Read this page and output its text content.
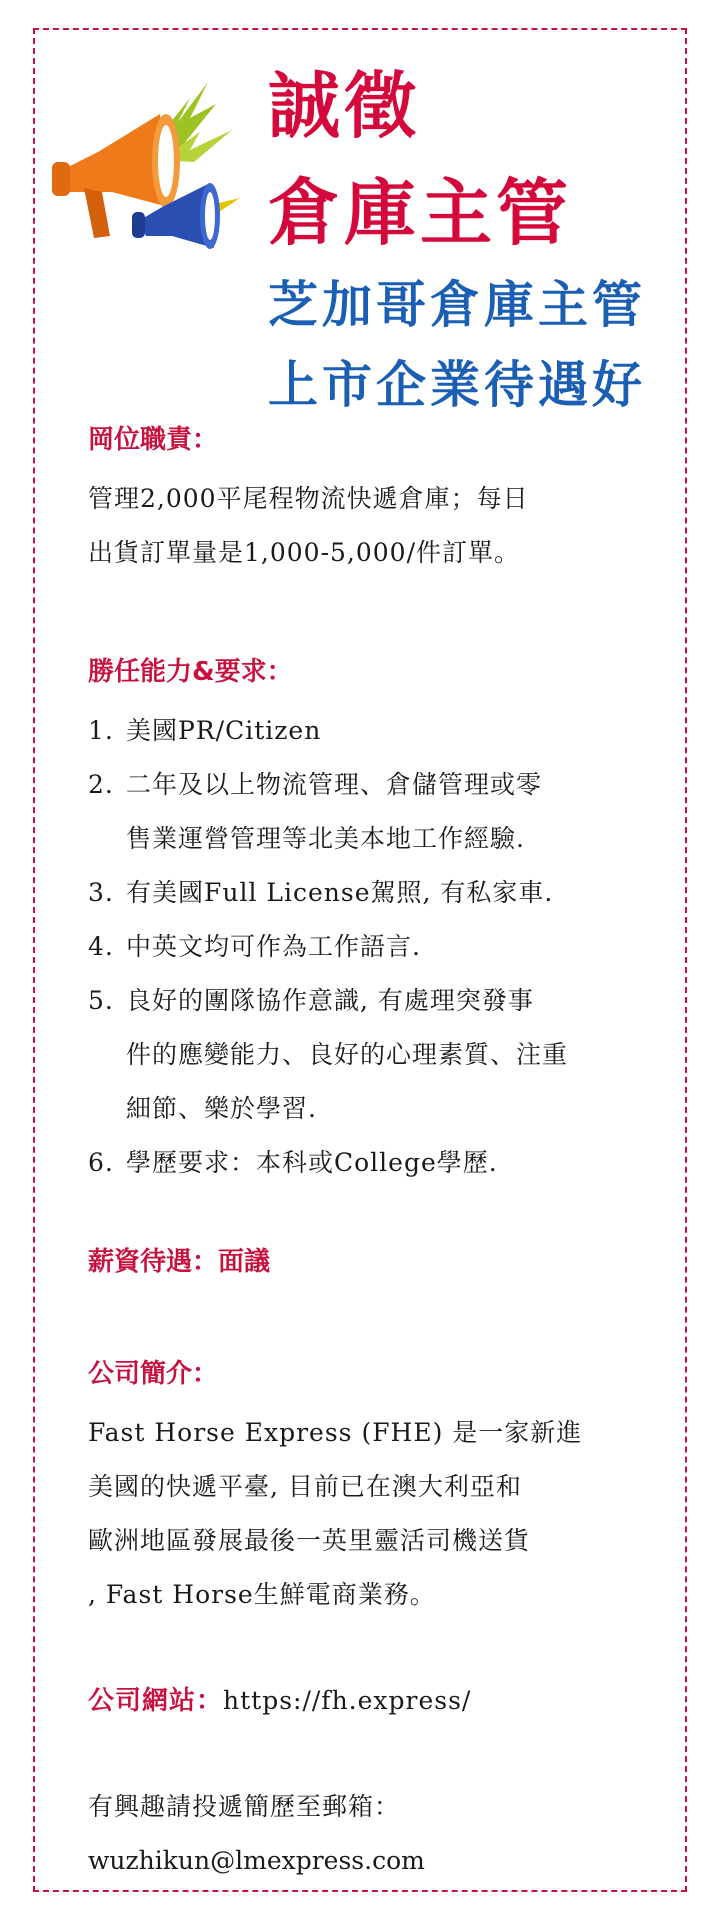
誠徵
倉庫主管
芝加哥倉庫主管
上市企業待遇好

岡位職責：

管理2,000平尾程物流快遞倉庫；每日

出貨訂單量是1,000-5,000/件訂單。

勝任能力&要求：

1. 美國PR/Citizen
2. 二年及以上物流管理、倉儲管理或零
售業運營管理等北美本地工作經驗.
3. 有美國Full License駕照, 有私家車.
4. 中英文均可作為工作語言.
5. 良好的團隊協作意識, 有處理突發事
件的應變能力、良好的心理素質、注重
細節、樂於學習.
6. 學歷要求：本科或College學歷.

薪資待遇：面議

公司簡介：

Fast Horse Express (FHE) 是一家新進

美國的快遞平臺, 目前已在澳大利亞和

歐洲地區發展最後一英里靈活司機送貨

, Fast Horse生鮮電商業務。

公司網站：https://fh.express/

有興趣請投遞簡歷至郵箱：

wuzhikun@lmexpress.com
